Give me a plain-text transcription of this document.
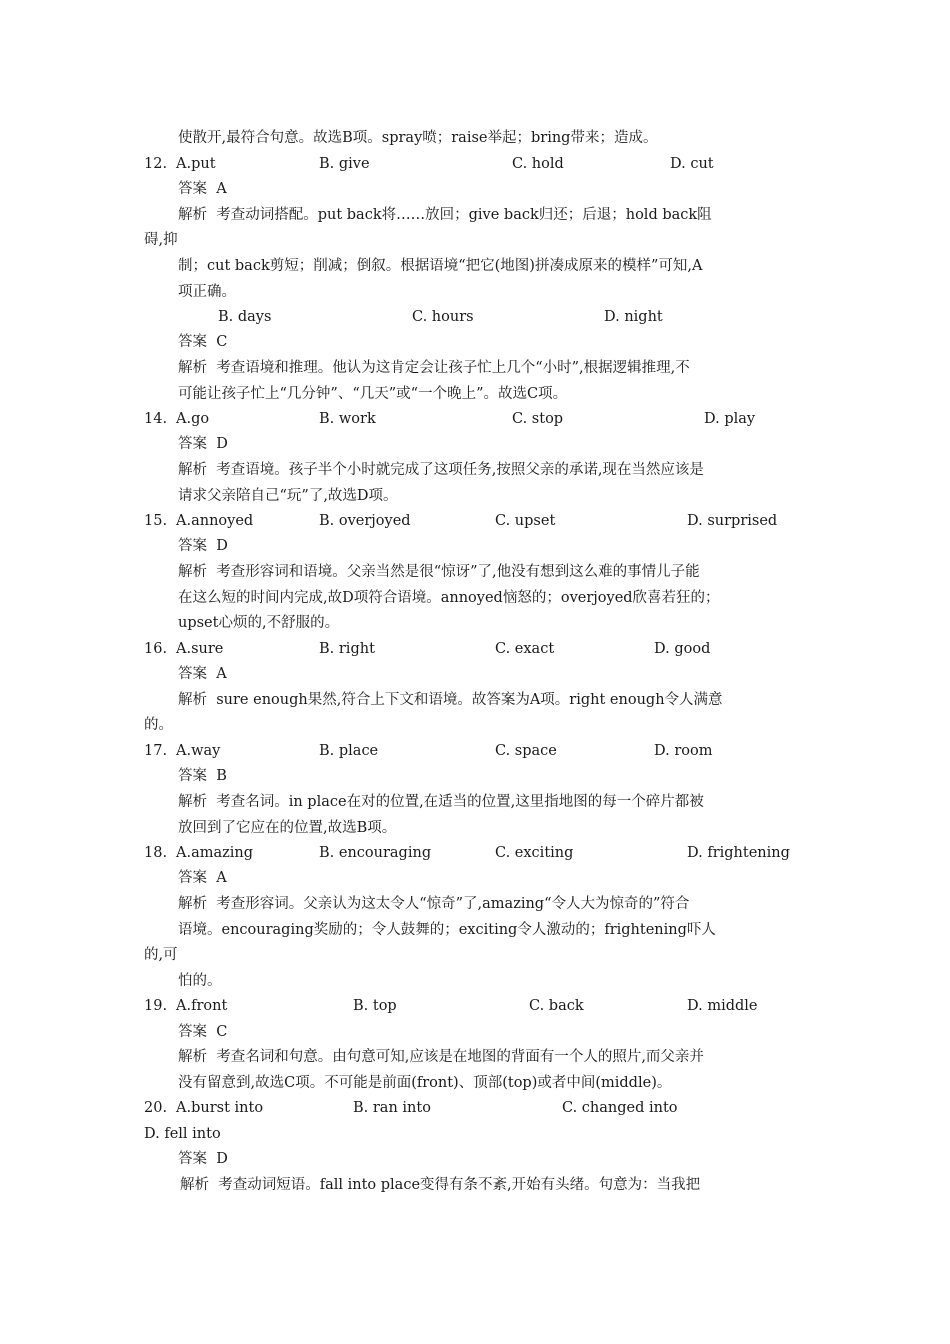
使散开,最符合句意。故选B项。spray喷；raise举起；bring带来；造成。
12. A.put	B. give	C. hold	D. cut
答案  A
解析  考查动词搭配。put back将……放回；give back归还；后退；hold back阻
碍,抑
制；cut back剪短；削减；倒叙。根据语境“把它(地图)拼凑成原来的模样”可知,A
项正确。
B. days	C. hours	D. night
答案  C
解析  考查语境和推理。他认为这肯定会让孩子忙上几个“小时”,根据逻辑推理,不
可能让孩子忙上“几分钟”、“几天”或“一个晚上”。故选C项。
14. A.go	B. work	C. stop	D. play
答案  D
解析  考查语境。孩子半个小时就完成了这项任务,按照父亲的承诺,现在当然应该是
请求父亲陪自己“玩”了,故选D项。
15. A.annoyed	B. overjoyed	C. upset	D. surprised
答案  D
解析  考查形容词和语境。父亲当然是很“惊讶”了,他没有想到这么难的事情儿子能
在这么短的时间内完成,故D项符合语境。annoyed恼怒的；overjoyed欣喜若狂的；
upset心烦的,不舒服的。
16. A.sure	B. right	C. exact	D. good
答案  A
解析  sure enough果然,符合上下文和语境。故答案为A项。right enough令人满意
的。
17. A.way	B. place	C. space	D. room
答案  B
解析  考查名词。in place在对的位置,在适当的位置,这里指地图的每一个碎片都被
放回到了它应在的位置,故选B项。
18. A.amazing	B. encouraging	C. exciting	D. frightening
答案  A
解析  考查形容词。父亲认为这太令人“惊奇”了,amazing“令人大为惊奇的”符合
语境。encouraging奖励的；令人鼓舞的；exciting令人激动的；frightening吓人
的,可
怕的。
19. A.front	B. top	C. back	D. middle
答案  C
解析  考查名词和句意。由句意可知,应该是在地图的背面有一个人的照片,而父亲并
没有留意到,故选C项。不可能是前面(front)、顶部(top)或者中间(middle)。
20. A.burst into	B. ran into	C. changed into
D. fell into
答案  D
解析  考查动词短语。fall into place变得有条不紊,开始有头绪。句意为：当我把
